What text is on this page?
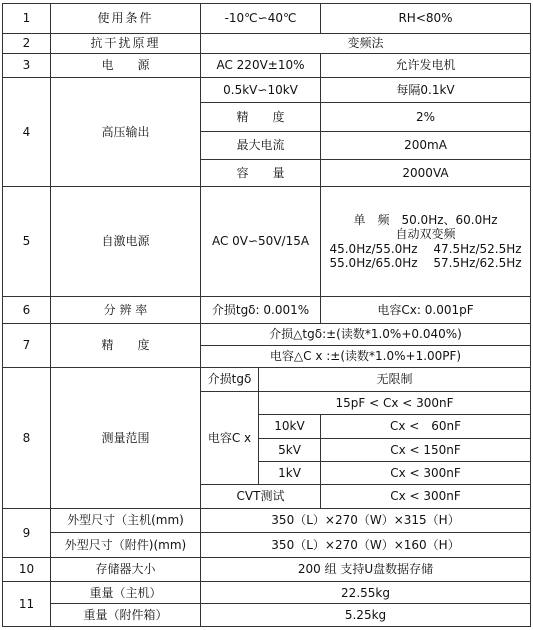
1	使用条件	-10℃∽40℃		RH<80%
2	抗干扰原理	变频法		
3	电　　源	AC 220V±10%		允许发电机
4	高压输出	0.5kV∽10kV		每隔0.1kV
		精　　度		2%
		最大电流		200mA
		容　　量		2000VA
5	自激电源	AC 0V∽50V/15A		单　频　50.0Hz、60.0Hz
自动双变频
45.0Hz/55.0Hz　 47.5Hz/52.5Hz
55.0Hz/65.0Hz　 57.5Hz/62.5Hz

6	分 辨 率	介损tgδ: 0.001%		电容Cx: 0.001pF
7	精　　度	介损△tgδ:±(读数*1.0%+0.040%)		
		电容△C x :±(读数*1.0%+1.00PF)		
8	测量范围	介损tgδ	无限制	
		电容C x	15pF < Cx < 300nF	
			10kV	Cx <　60nF
			5kV	Cx < 150nF
			1kV	Cx < 300nF
		CVT测试		Cx < 300nF
9	外型尺寸（主机(mm)	350（L）×270（W）×315（H）		
	外型尺寸（附件)(mm)	350（L）×270（W）×160（H）		
10	存储器大小	200 组 支持U盘数据存储		
11	重量（主机）	22.55kg		
	重量（附件箱）	5.25kg		
